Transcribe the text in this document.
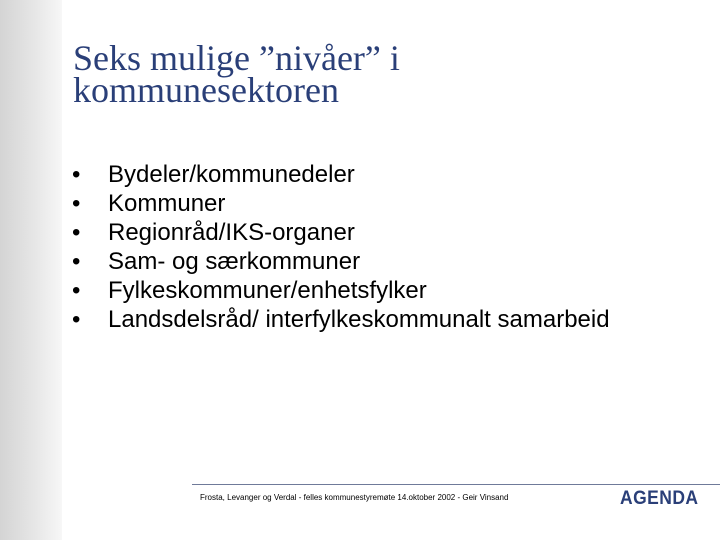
Seks mulige ”nivåer” i
kommunesektoren
•	Bydeler/kommunedeler
•	Kommuner
•	Regionråd/IKS-organer
•	Sam- og særkommuner
•	Fylkeskommuner/enhetsfylker
•	Landsdelsråd/ interfylkeskommunalt samarbeid
Frosta, Levanger og Verdal - felles kommunestyremøte 14.oktober 2002 - Geir Vinsand	AGENDA
